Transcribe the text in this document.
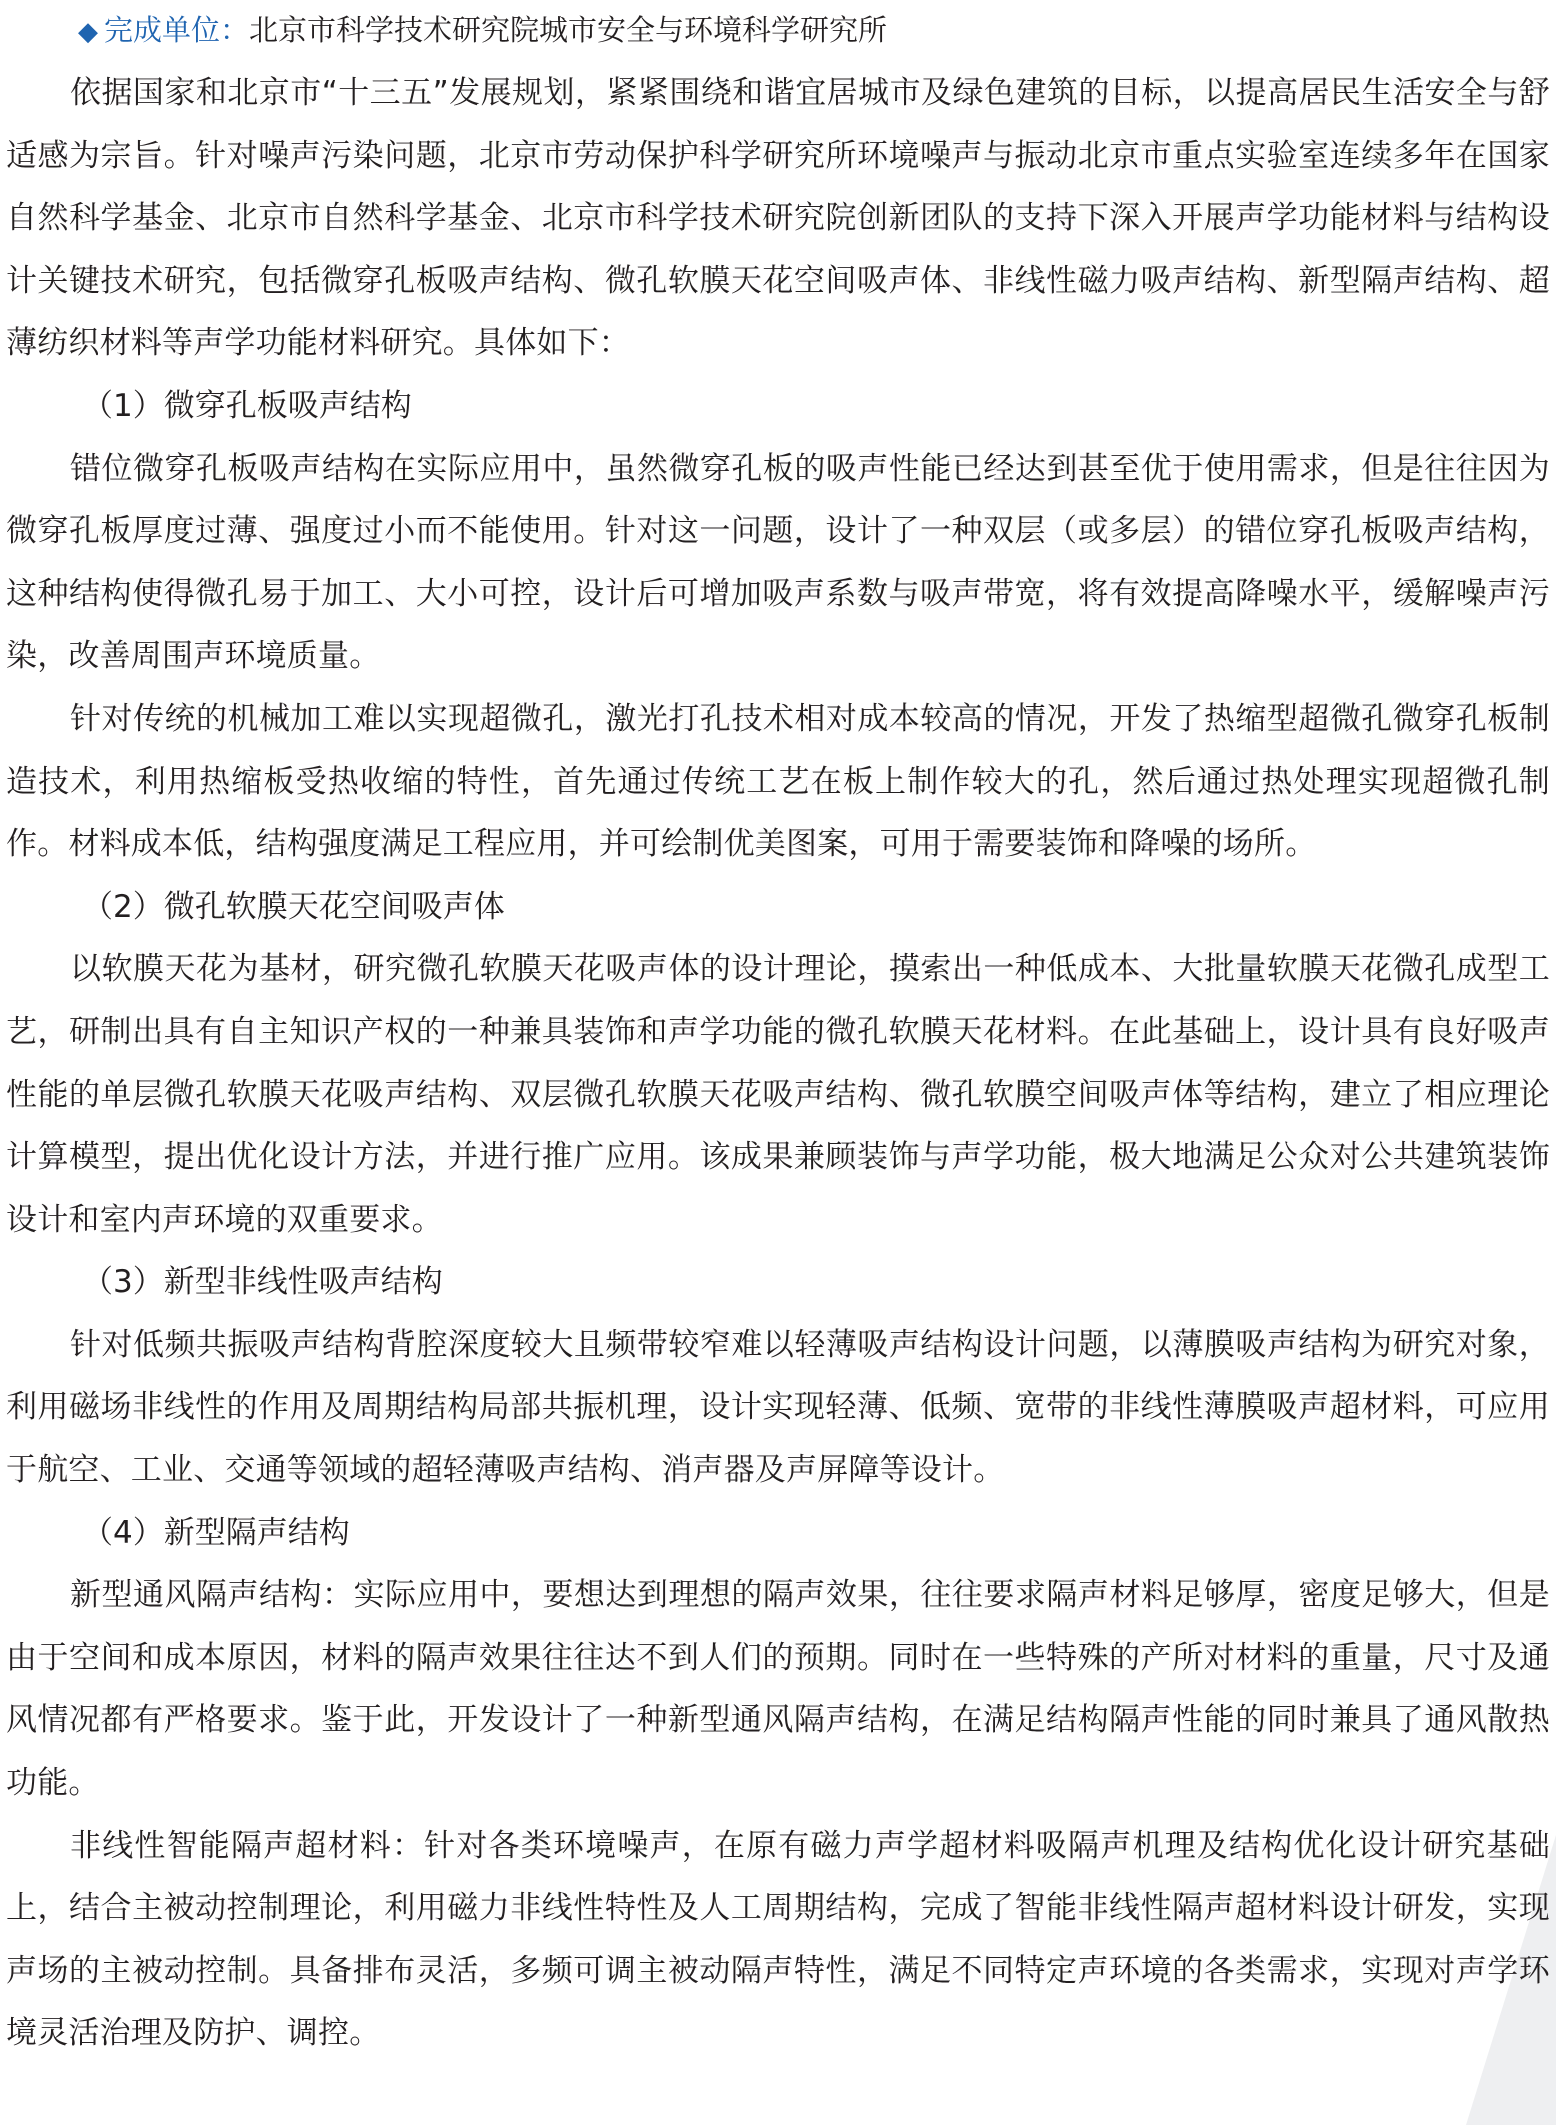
◆ 完成单位：北京市科学技术研究院城市安全与环境科学研究所

依据国家和北京市“十三五”发展规划，紧紧围绕和谐宜居城市及绿色建筑的目标，以提高居民生活安全与舒适感为宗旨。针对噪声污染问题，北京市劳动保护科学研究所环境噪声与振动北京市重点实验室连续多年在国家自然科学基金、北京市自然科学基金、北京市科学技术研究院创新团队的支持下深入开展声学功能材料与结构设计关键技术研究，包括微穿孔板吸声结构、微孔软膜天花空间吸声体、非线性磁力吸声结构、新型隔声结构、超薄纺织材料等声学功能材料研究。具体如下：

（1）微穿孔板吸声结构

错位微穿孔板吸声结构在实际应用中，虽然微穿孔板的吸声性能已经达到甚至优于使用需求，但是往往因为微穿孔板厚度过薄、强度过小而不能使用。针对这一问题，设计了一种双层（或多层）的错位穿孔板吸声结构，这种结构使得微孔易于加工、大小可控，设计后可增加吸声系数与吸声带宽，将有效提高降噪水平，缓解噪声污染，改善周围声环境质量。

针对传统的机械加工难以实现超微孔，激光打孔技术相对成本较高的情况，开发了热缩型超微孔微穿孔板制造技术，利用热缩板受热收缩的特性，首先通过传统工艺在板上制作较大的孔，然后通过热处理实现超微孔制作。材料成本低，结构强度满足工程应用，并可绘制优美图案，可用于需要装饰和降噪的场所。

（2）微孔软膜天花空间吸声体

以软膜天花为基材，研究微孔软膜天花吸声体的设计理论，摸索出一种低成本、大批量软膜天花微孔成型工艺，研制出具有自主知识产权的一种兼具装饰和声学功能的微孔软膜天花材料。在此基础上，设计具有良好吸声性能的单层微孔软膜天花吸声结构、双层微孔软膜天花吸声结构、微孔软膜空间吸声体等结构，建立了相应理论计算模型，提出优化设计方法，并进行推广应用。该成果兼顾装饰与声学功能，极大地满足公众对公共建筑装饰设计和室内声环境的双重要求。

（3）新型非线性吸声结构

针对低频共振吸声结构背腔深度较大且频带较窄难以轻薄吸声结构设计问题，以薄膜吸声结构为研究对象，利用磁场非线性的作用及周期结构局部共振机理，设计实现轻薄、低频、宽带的非线性薄膜吸声超材料，可应用于航空、工业、交通等领域的超轻薄吸声结构、消声器及声屏障等设计。

（4）新型隔声结构

新型通风隔声结构：实际应用中，要想达到理想的隔声效果，往往要求隔声材料足够厚，密度足够大，但是由于空间和成本原因，材料的隔声效果往往达不到人们的预期。同时在一些特殊的产所对材料的重量，尺寸及通风情况都有严格要求。鉴于此，开发设计了一种新型通风隔声结构，在满足结构隔声性能的同时兼具了通风散热功能。

非线性智能隔声超材料：针对各类环境噪声，在原有磁力声学超材料吸隔声机理及结构优化设计研究基础上，结合主被动控制理论，利用磁力非线性特性及人工周期结构，完成了智能非线性隔声超材料设计研发，实现声场的主被动控制。具备排布灵活，多频可调主被动隔声特性，满足不同特定声环境的各类需求，实现对声学环境灵活治理及防护、调控。
